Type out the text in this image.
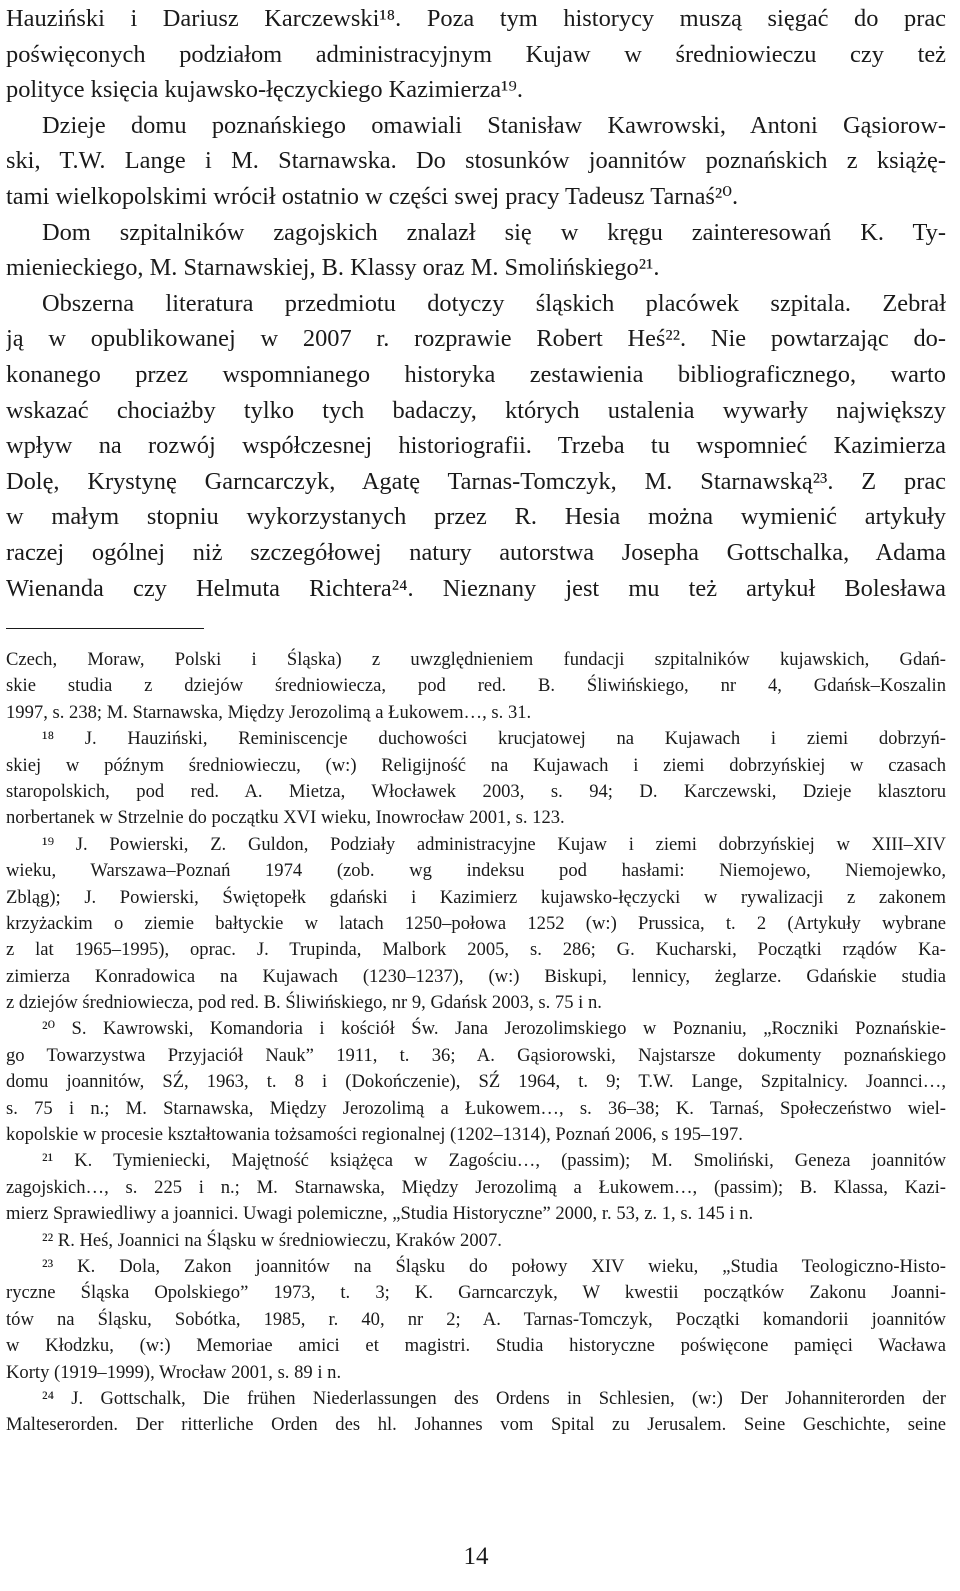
Hauziński i Dariusz Karczewski¹⁸. Poza tym historycy muszą sięgać do prac
poświęconych podziałom administracyjnym Kujaw w średniowieczu czy też
polityce księcia kujawsko-łęczyckiego Kazimierza¹⁹.
Dzieje domu poznańskiego omawiali Stanisław Kawrowski, Antoni Gąsiorow-
ski, T.W. Lange i M. Starnawska. Do stosunków joannitów poznańskich z książę-
tami wielkopolskimi wrócił ostatnio w części swej pracy Tadeusz Tarnaś²⁰.
Dom szpitalników zagojskich znalazł się w kręgu zainteresowań K. Ty-
mienieckiego, M. Starnawskiej, B. Klassy oraz M. Smolińskiego²¹.
Obszerna literatura przedmiotu dotyczy śląskich placówek szpitala. Zebrał
ją w opublikowanej w 2007 r. rozprawie Robert Heś²². Nie powtarzając do-
konanego przez wspomnianego historyka zestawienia bibliograficznego, warto
wskazać chociażby tylko tych badaczy, których ustalenia wywarły największy
wpływ na rozwój współczesnej historiografii. Trzeba tu wspomnieć Kazimierza
Dolę, Krystynę Garncarczyk, Agatę Tarnas-Tomczyk, M. Starnawską²³. Z prac
w małym stopniu wykorzystanych przez R. Hesia można wymienić artykuły
raczej ogólnej niż szczegółowej natury autorstwa Josepha Gottschalka, Adama
Wienanda czy Helmuta Richtera²⁴. Nieznany jest mu też artykuł Bolesława
Czech, Moraw, Polski i Śląska) z uwzględnieniem fundacji szpitalników kujawskich, Gdań-
skie studia z dziejów średniowiecza, pod red. B. Śliwińskiego, nr 4, Gdańsk–Koszalin
1997, s. 238; M. Starnawska, Między Jerozolimą a Łukowem…, s. 31.
¹⁸ J. Hauziński, Reminiscencje duchowości krucjatowej na Kujawach i ziemi dobrzyń-
skiej w późnym średniowieczu, (w:) Religijność na Kujawach i ziemi dobrzyńskiej w czasach
staropolskich, pod red. A. Mietza, Włocławek 2003, s. 94; D. Karczewski, Dzieje klasztoru
norbertanek w Strzelnie do początku XVI wieku, Inowrocław 2001, s. 123.
¹⁹ J. Powierski, Z. Guldon, Podziały administracyjne Kujaw i ziemi dobrzyńskiej w XIII–XIV
wieku, Warszawa–Poznań 1974 (zob. wg indeksu pod hasłami: Niemojewo, Niemojewko,
Zbląg); J. Powierski, Świętopełk gdański i Kazimierz kujawsko-łęczycki w rywalizacji z zakonem
krzyżackim o ziemie bałtyckie w latach 1250–połowa 1252 (w:) Prussica, t. 2 (Artykuły wybrane
z lat 1965–1995), oprac. J. Trupinda, Malbork 2005, s. 286; G. Kucharski, Początki rządów Ka-
zimierza Konradowica na Kujawach (1230–1237), (w:) Biskupi, lennicy, żeglarze. Gdańskie studia
z dziejów średniowiecza, pod red. B. Śliwińskiego, nr 9, Gdańsk 2003, s. 75 i n.
²⁰ S. Kawrowski, Komandoria i kościół Św. Jana Jerozolimskiego w Poznaniu, „Roczniki Poznańskie-
go Towarzystwa Przyjaciół Nauk” 1911, t. 36; A. Gąsiorowski, Najstarsze dokumenty poznańskiego
domu joannitów, SŹ, 1963, t. 8 i (Dokończenie), SŹ 1964, t. 9; T.W. Lange, Szpitalnicy. Joannci…,
s. 75 i n.; M. Starnawska, Między Jerozolimą a Łukowem…, s. 36–38; K. Tarnaś, Społeczeństwo wiel-
kopolskie w procesie kształtowania tożsamości regionalnej (1202–1314), Poznań 2006, s 195–197.
²¹ K. Tymieniecki, Majętność książęca w Zagościu…, (passim); M. Smoliński, Geneza joannitów
zagojskich…, s. 225 i n.; M. Starnawska, Między Jerozolimą a Łukowem…, (passim); B. Klassa, Kazi-
mierz Sprawiedliwy a joannici. Uwagi polemiczne, „Studia Historyczne” 2000, r. 53, z. 1, s. 145 i n.
²² R. Heś, Joannici na Śląsku w średniowieczu, Kraków 2007.
²³ K. Dola, Zakon joannitów na Śląsku do połowy XIV wieku, „Studia Teologiczno-Histo-
ryczne Śląska Opolskiego” 1973, t. 3; K. Garncarczyk, W kwestii początków Zakonu Joanni-
tów na Śląsku, Sobótka, 1985, r. 40, nr 2; A. Tarnas-Tomczyk, Początki komandorii joannitów
w Kłodzku, (w:) Memoriae amici et magistri. Studia historyczne poświęcone pamięci Wacława
Korty (1919–1999), Wrocław 2001, s. 89 i n.
²⁴ J. Gottschalk, Die frühen Niederlassungen des Ordens in Schlesien, (w:) Der Johanniterorden der
Malteserorden. Der ritterliche Orden des hl. Johannes vom Spital zu Jerusalem. Seine Geschichte, seine
14
